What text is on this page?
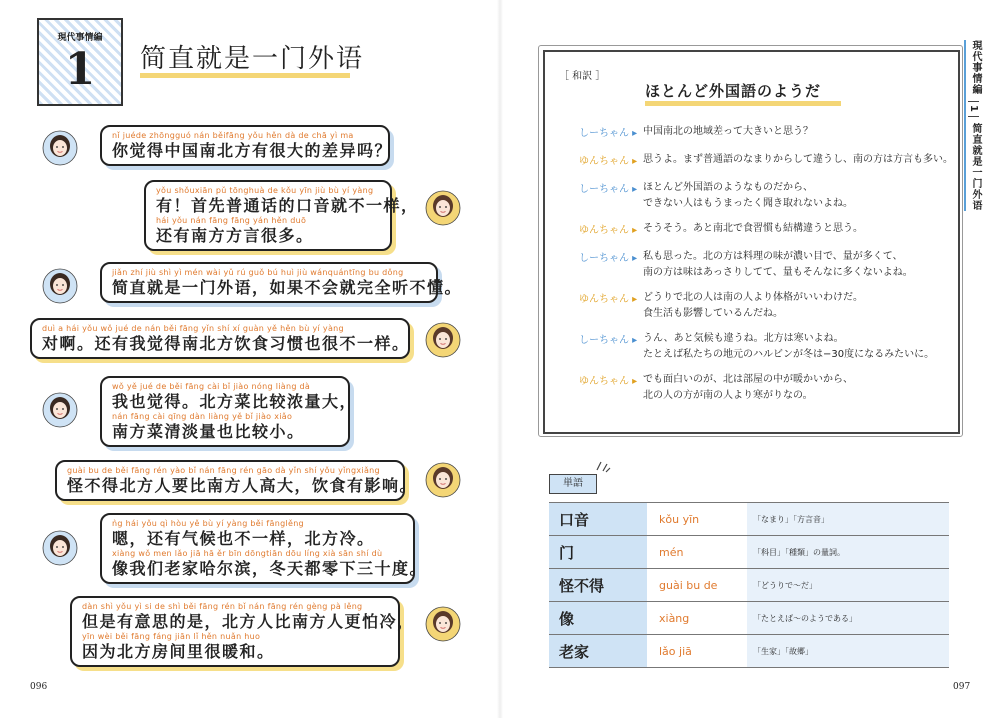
現代事情編
1	简直就是一门外语
nǐ juéde zhōngguó nán běifāng yǒu hěn dà de chā yì ma
你觉得中国南北方有很大的差异吗？
yǒu shǒuxiān pǔ tōnghuà de kǒu yīn jiù bù yí yàng
有！首先普通话的口音就不一样，
hái yǒu nán fāng fāng yán hěn duō
还有南方方言很多。
jiǎn zhí jiù shì yì mén wài yǔ rú guǒ bú huì jiù wánquántīng bu dǒng
简直就是一门外语，如果不会就完全听不懂。
duì a hái yǒu wǒ jué de nán běi fāng yǐn shí xí guàn yě hěn bù yí yàng
对啊。还有我觉得南北方饮食习惯也很不一样。
wǒ yě jué de běi fāng cài bǐ jiào nóng liàng dà
我也觉得。北方菜比较浓量大，
nán fāng cài qīng dàn liàng yě bǐ jiào xiǎo
南方菜清淡量也比较小。
guài bu de běi fāng rén yào bǐ nán fāng rén gāo dà yǐn shí yǒu yǐngxiǎng
怪不得北方人要比南方人高大，饮食有影响。
ǹg hái yǒu qì hòu yě bù yí yàng běi fānglěng
嗯，还有气候也不一样，北方冷。
xiàng wǒ men lǎo jiā hā ěr bīn dōngtiān dōu líng xià sān shí dù
像我们老家哈尔滨，冬天都零下三十度。
dàn shì yǒu yì si de shì běi fāng rén bǐ nán fāng rén gèng pà lěng
但是有意思的是，北方人比南方人更怕冷，
yīn wèi běi fāng fáng jiān lǐ hěn nuǎn huo
因为北方房间里很暖和。
096
［ 和訳 ］
ほとんど外国語のようだ
しーちゃん ▸ 中国南北の地域差って大きいと思う？
ゆんちゃん ▸ 思うよ。まず普通語のなまりからして違うし、南の方は方言も多い。
しーちゃん ▸ ほとんど外国語のようなものだから、
できない人はもうまったく聞き取れないよね。
ゆんちゃん ▸ そうそう。あと南北で食習慣も結構違うと思う。
しーちゃん ▸ 私も思った。北の方は料理の味が濃い目で、量が多くて、
南の方は味はあっさりしてて、量もそんなに多くないよね。
ゆんちゃん ▸ どうりで北の人は南の人より体格がいいわけだ。
食生活も影響しているんだね。
しーちゃん ▸ うん、あと気候も違うね。北方は寒いよね。
たとえば私たちの地元のハルビンが冬は−30度になるみたいに。
ゆんちゃん ▸ でも面白いのが、北は部屋の中が暖かいから、
北の人の方が南の人より寒がりなの。
現代事情編
1
简直就是一门外语
単語
口音	kǒu yīn	「なまり」「方言音」
门	mén	「科目」「種類」の量詞。
怪不得	guài bu de	「どうりで～だ」
像	xiàng	「たとえば～のようである」
老家	lǎo jiā	「生家」「故郷」
097
